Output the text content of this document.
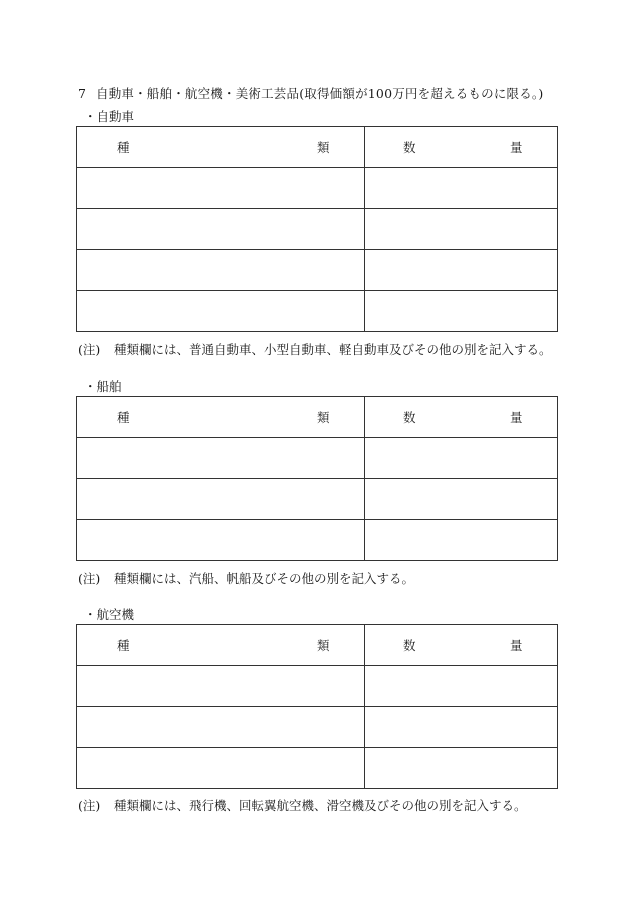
7 自動車・船舶・航空機・美術工芸品(取得価額が100万円を超えるものに限る。)
・自動車
種 類	数 量

(注) 種類欄には、普通自動車、小型自動車、軽自動車及びその他の別を記入する。
・船舶
種 類	数 量

(注) 種類欄には、汽船、帆船及びその他の別を記入する。
・航空機
種 類	数 量

(注) 種類欄には、飛行機、回転翼航空機、滑空機及びその他の別を記入する。
